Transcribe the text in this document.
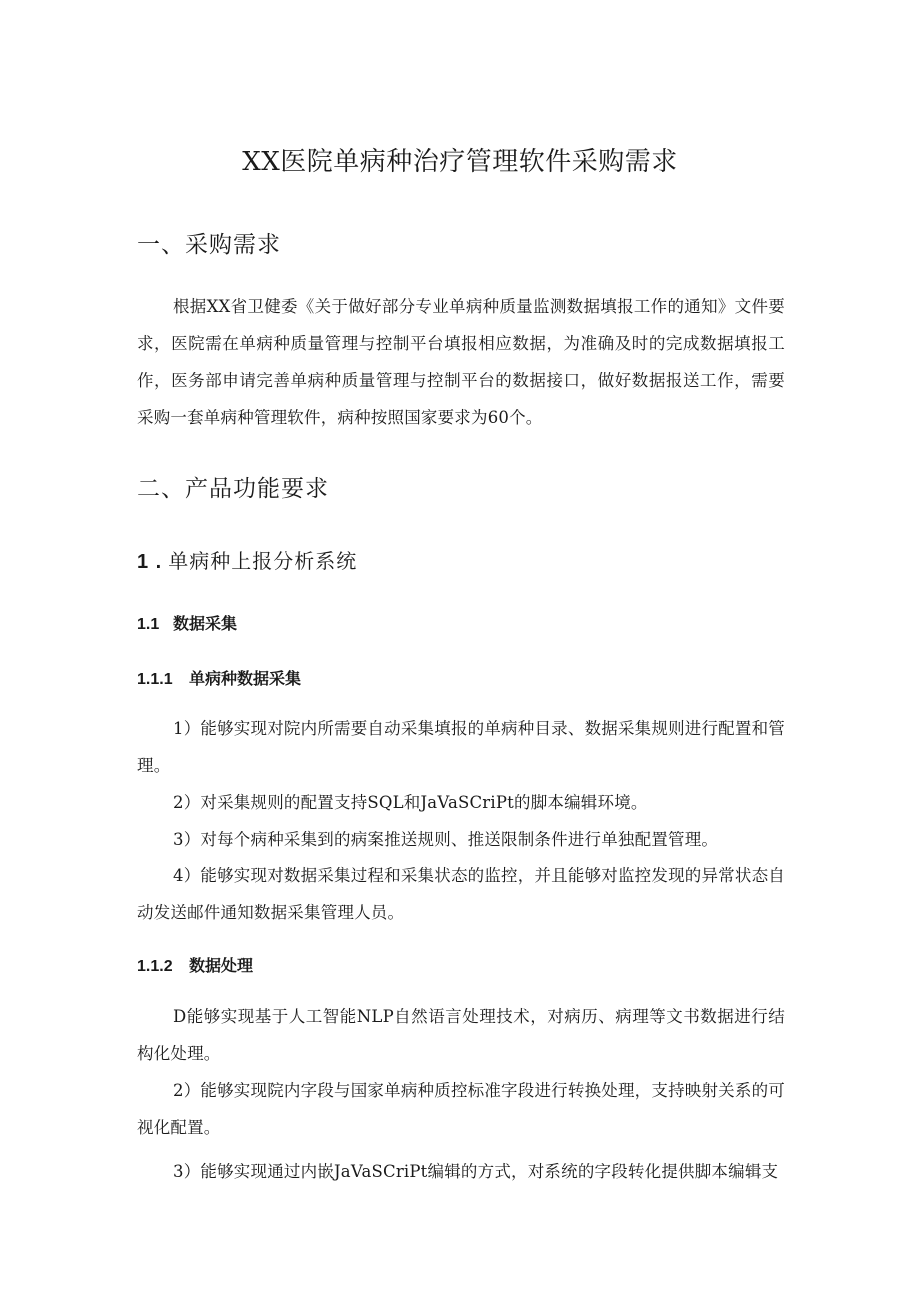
XX医院单病种治疗管理软件采购需求
一、采购需求
根据XX省卫健委《关于做好部分专业单病种质量监测数据填报工作的通知》文件要求，医院需在单病种质量管理与控制平台填报相应数据，为准确及时的完成数据填报工作，医务部申请完善单病种质量管理与控制平台的数据接口，做好数据报送工作，需要采购一套单病种管理软件，病种按照国家要求为60个。
二、产品功能要求
1 . 单病种上报分析系统
1.1 数据采集
1.1.1 单病种数据采集
1）能够实现对院内所需要自动采集填报的单病种目录、数据采集规则进行配置和管理。
2）对采集规则的配置支持SQL和JaVaSCriPt的脚本编辑环境。
3）对每个病种采集到的病案推送规则、推送限制条件进行单独配置管理。
4）能够实现对数据采集过程和采集状态的监控，并且能够对监控发现的异常状态自动发送邮件通知数据采集管理人员。
1.1.2 数据处理
D能够实现基于人工智能NLP自然语言处理技术，对病历、病理等文书数据进行结构化处理。
2）能够实现院内字段与国家单病种质控标准字段进行转换处理，支持映射关系的可视化配置。
3）能够实现通过内嵌JaVaSCriPt编辑的方式，对系统的字段转化提供脚本编辑支
